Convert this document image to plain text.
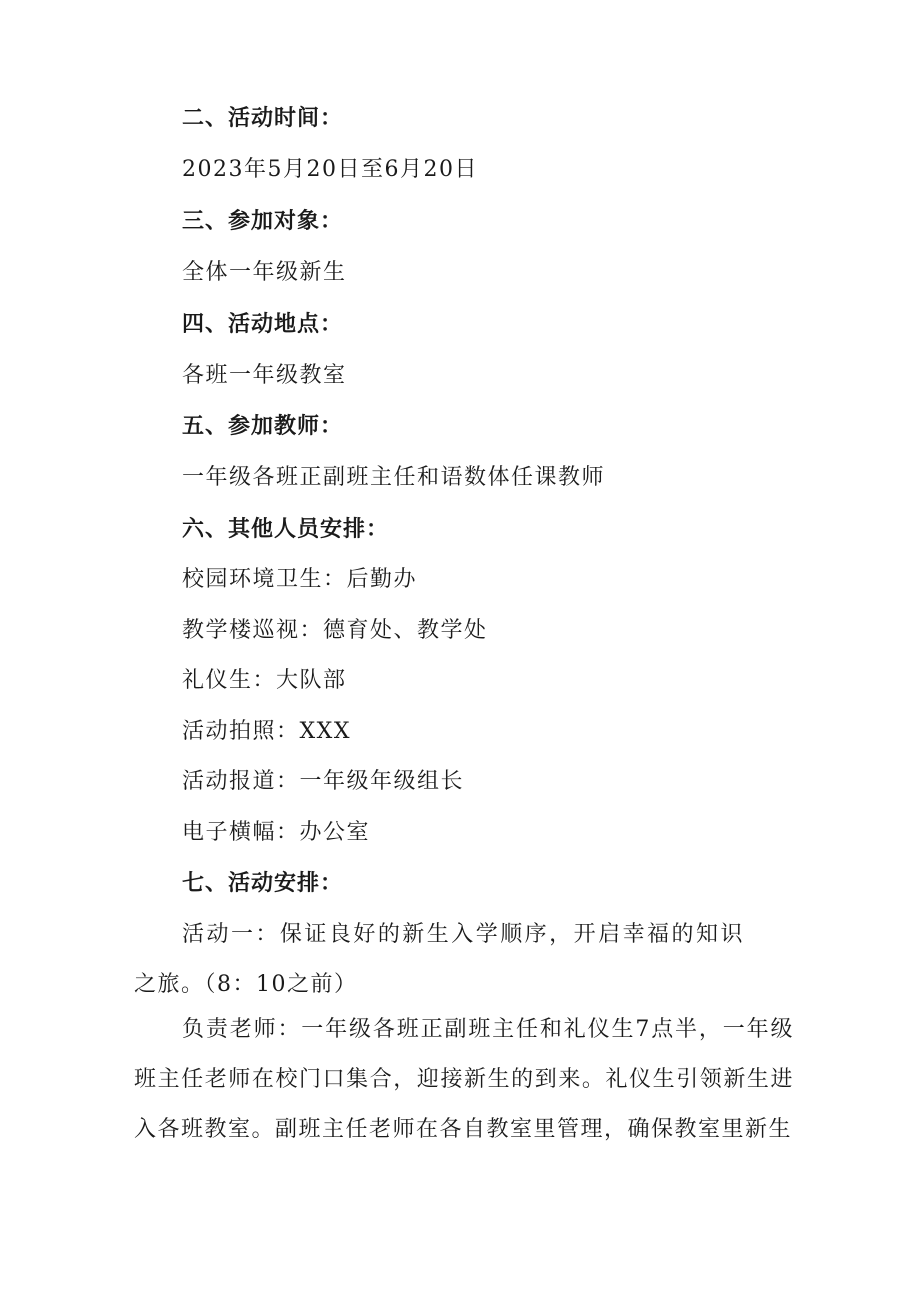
二、活动时间：
2023年5月20日至6月20日
三、参加对象：
全体一年级新生
四、活动地点：
各班一年级教室
五、参加教师：
一年级各班正副班主任和语数体任课教师
六、其他人员安排：
校园环境卫生：后勤办
教学楼巡视：德育处、教学处
礼仪生：大队部
活动拍照：XXX
活动报道：一年级年级组长
电子横幅：办公室
七、活动安排：
活动一：保证良好的新生入学顺序，开启幸福的知识之旅。（8：10之前）
负责老师：一年级各班正副班主任和礼仪生7点半，一年级班主任老师在校门口集合，迎接新生的到来。礼仪生引领新生进入各班教室。副班主任老师在各自教室里管理，确保教室里新生
